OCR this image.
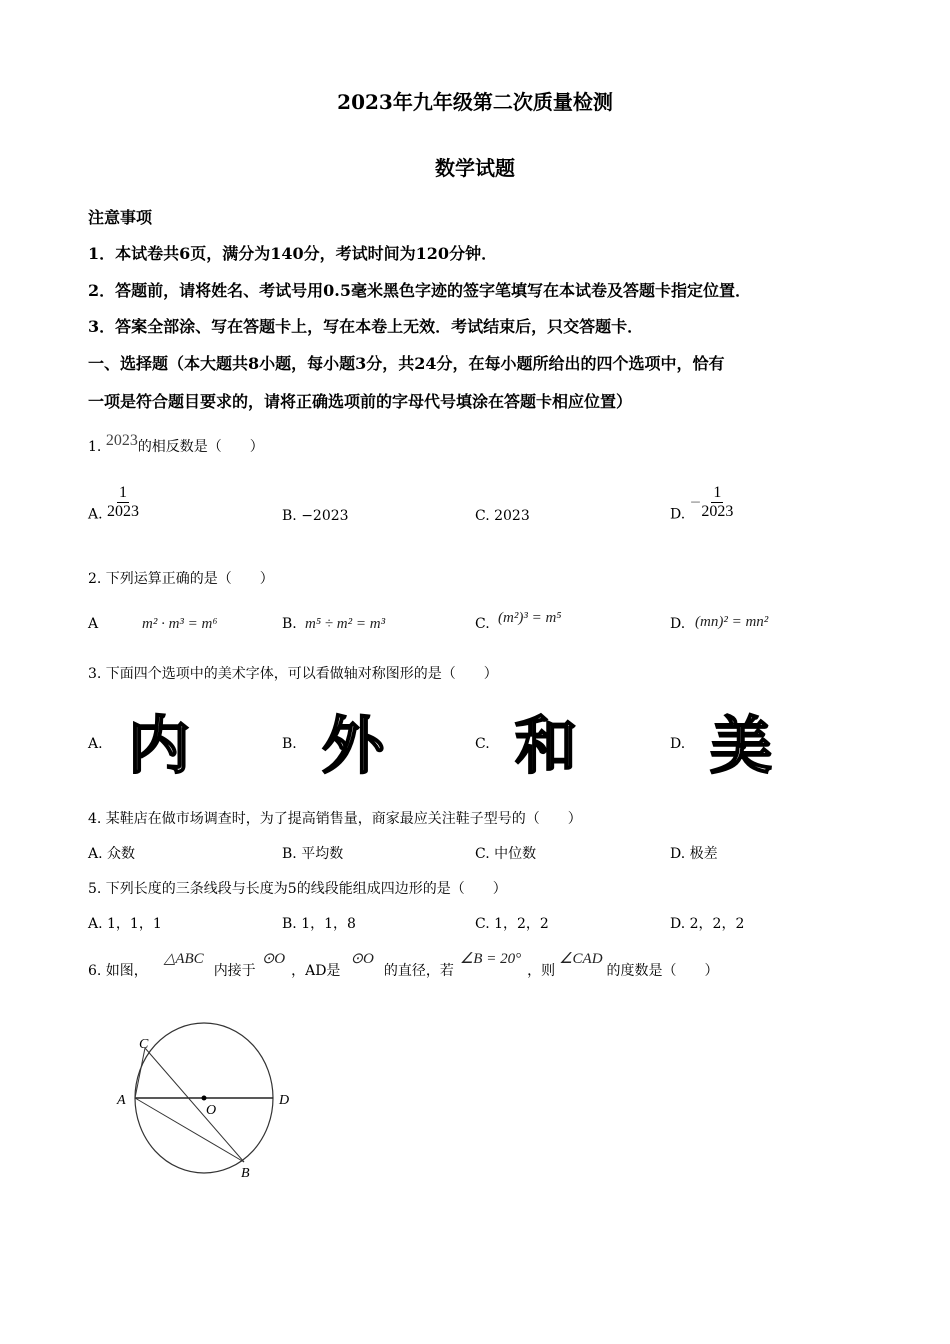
2023年九年级第二次质量检测
数学试题
注意事项
1．本试卷共6页，满分为140分，考试时间为120分钟．
2．答题前，请将姓名、考试号用0.5毫米黑色字迹的签字笔填写在本试卷及答题卡指定位置．
3．答案全部涂、写在答题卡上，写在本卷上无效．考试结束后，只交答题卡．
一、选择题（本大题共8小题，每小题3分，共24分，在每小题所给出的四个选项中，恰有
一项是符合题目要求的，请将正确选项前的字母代号填涂在答题卡相应位置）
1. 2023的相反数是（　　）
A. $\frac{1}{2023}$	B. −2023	C. 2023	D. − $\frac{1}{2023}$
2. 下列运算正确的是（　　）
A	m² · m³ = m⁶	B. m⁵ ÷ m² = m³	C. (m²)³ = m⁵	D. (mn)² = mn²
3. 下面四个选项中的美术字体，可以看做轴对称图形的是（　　）
A. 内	B. 外	C. 和	D. 美
4. 某鞋店在做市场调查时，为了提高销售量，商家最应关注鞋子型号的（　　）
A. 众数	B. 平均数	C. 中位数	D. 极差
5. 下列长度的三条线段与长度为5的线段能组成四边形的是（　　）
A. 1，1，1	B. 1，1，8	C. 1，2，2	D. 2，2，2
6. 如图，△ABC内接于⊙O，AD是⊙O的直径，若∠B = 20°，则∠CAD的度数是（　　）
C
A
O
D
B
